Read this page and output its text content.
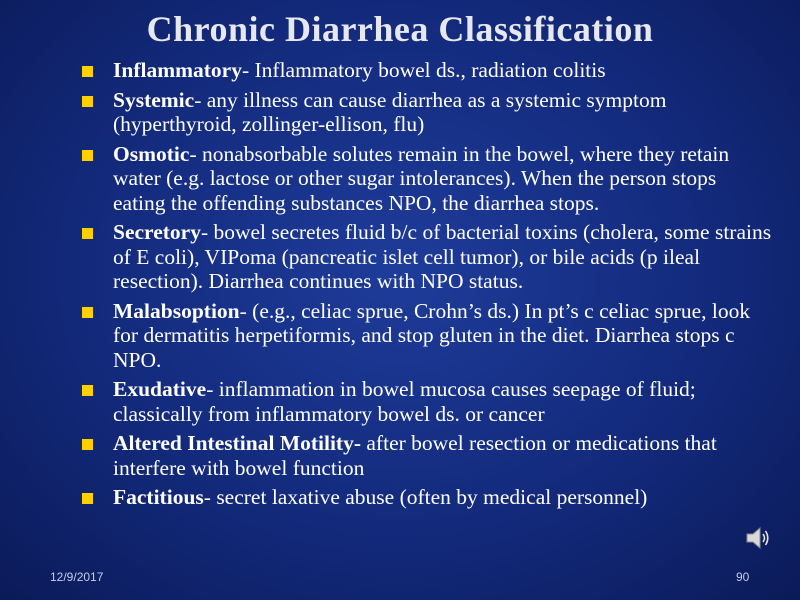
Chronic Diarrhea Classification
Inflammatory- Inflammatory bowel ds., radiation colitis
Systemic- any illness can cause diarrhea as a systemic symptom (hyperthyroid, zollinger-ellison, flu)
Osmotic- nonabsorbable solutes remain in the bowel, where they retain water (e.g. lactose or other sugar intolerances). When the person stops eating the offending substances NPO, the diarrhea stops.
Secretory- bowel secretes fluid b/c of bacterial toxins (cholera, some strains of E coli), VIPoma (pancreatic islet cell tumor), or bile acids (p ileal resection). Diarrhea continues with NPO status.
Malabsoption- (e.g., celiac sprue, Crohn’s ds.) In pt’s c celiac sprue, look for dermatitis herpetiformis, and stop gluten in the diet. Diarrhea stops c NPO.
Exudative- inflammation in bowel mucosa causes seepage of fluid; classically from inflammatory bowel ds. or cancer
Altered Intestinal Motility- after bowel resection or medications that interfere with bowel function
Factitious- secret laxative abuse (often by medical personnel)
12/9/2017	90
